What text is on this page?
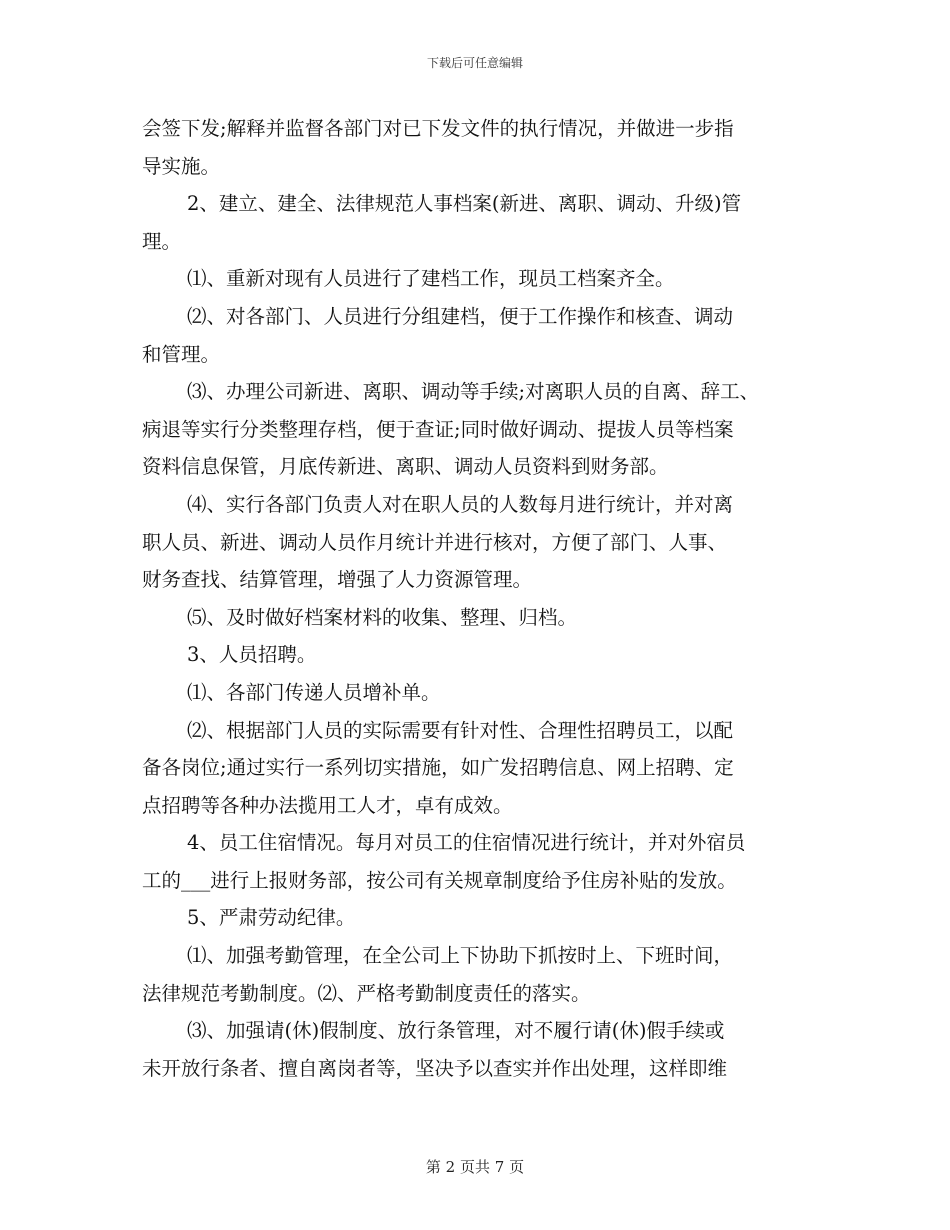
下载后可任意编辑
会签下发;解释并监督各部门对已下发文件的执行情况，并做进一步指
导实施。
2、建立、建全、法律规范人事档案(新进、离职、调动、升级)管
理。
⑴、重新对现有人员进行了建档工作，现员工档案齐全。
⑵、对各部门、人员进行分组建档，便于工作操作和核查、调动
和管理。
⑶、办理公司新进、离职、调动等手续;对离职人员的自离、辞工、
病退等实行分类整理存档，便于查证;同时做好调动、提拔人员等档案
资料信息保管，月底传新进、离职、调动人员资料到财务部。
⑷、实行各部门负责人对在职人员的人数每月进行统计，并对离
职人员、新进、调动人员作月统计并进行核对，方便了部门、人事、
财务查找、结算管理，增强了人力资源管理。
⑸、及时做好档案材料的收集、整理、归档。
3、人员招聘。
⑴、各部门传递人员增补单。
⑵、根据部门人员的实际需要有针对性、合理性招聘员工，以配
备各岗位;通过实行一系列切实措施，如广发招聘信息、网上招聘、定
点招聘等各种办法揽用工人才，卓有成效。
4、员工住宿情况。每月对员工的住宿情况进行统计，并对外宿员
工的___进行上报财务部，按公司有关规章制度给予住房补贴的发放。
5、严肃劳动纪律。
⑴、加强考勤管理，在全公司上下协助下抓按时上、下班时间，
法律规范考勤制度。⑵、严格考勤制度责任的落实。
⑶、加强请(休)假制度、放行条管理，对不履行请(休)假手续或
未开放行条者、擅自离岗者等，坚决予以查实并作出处理，这样即维
第 2 页共 7 页
